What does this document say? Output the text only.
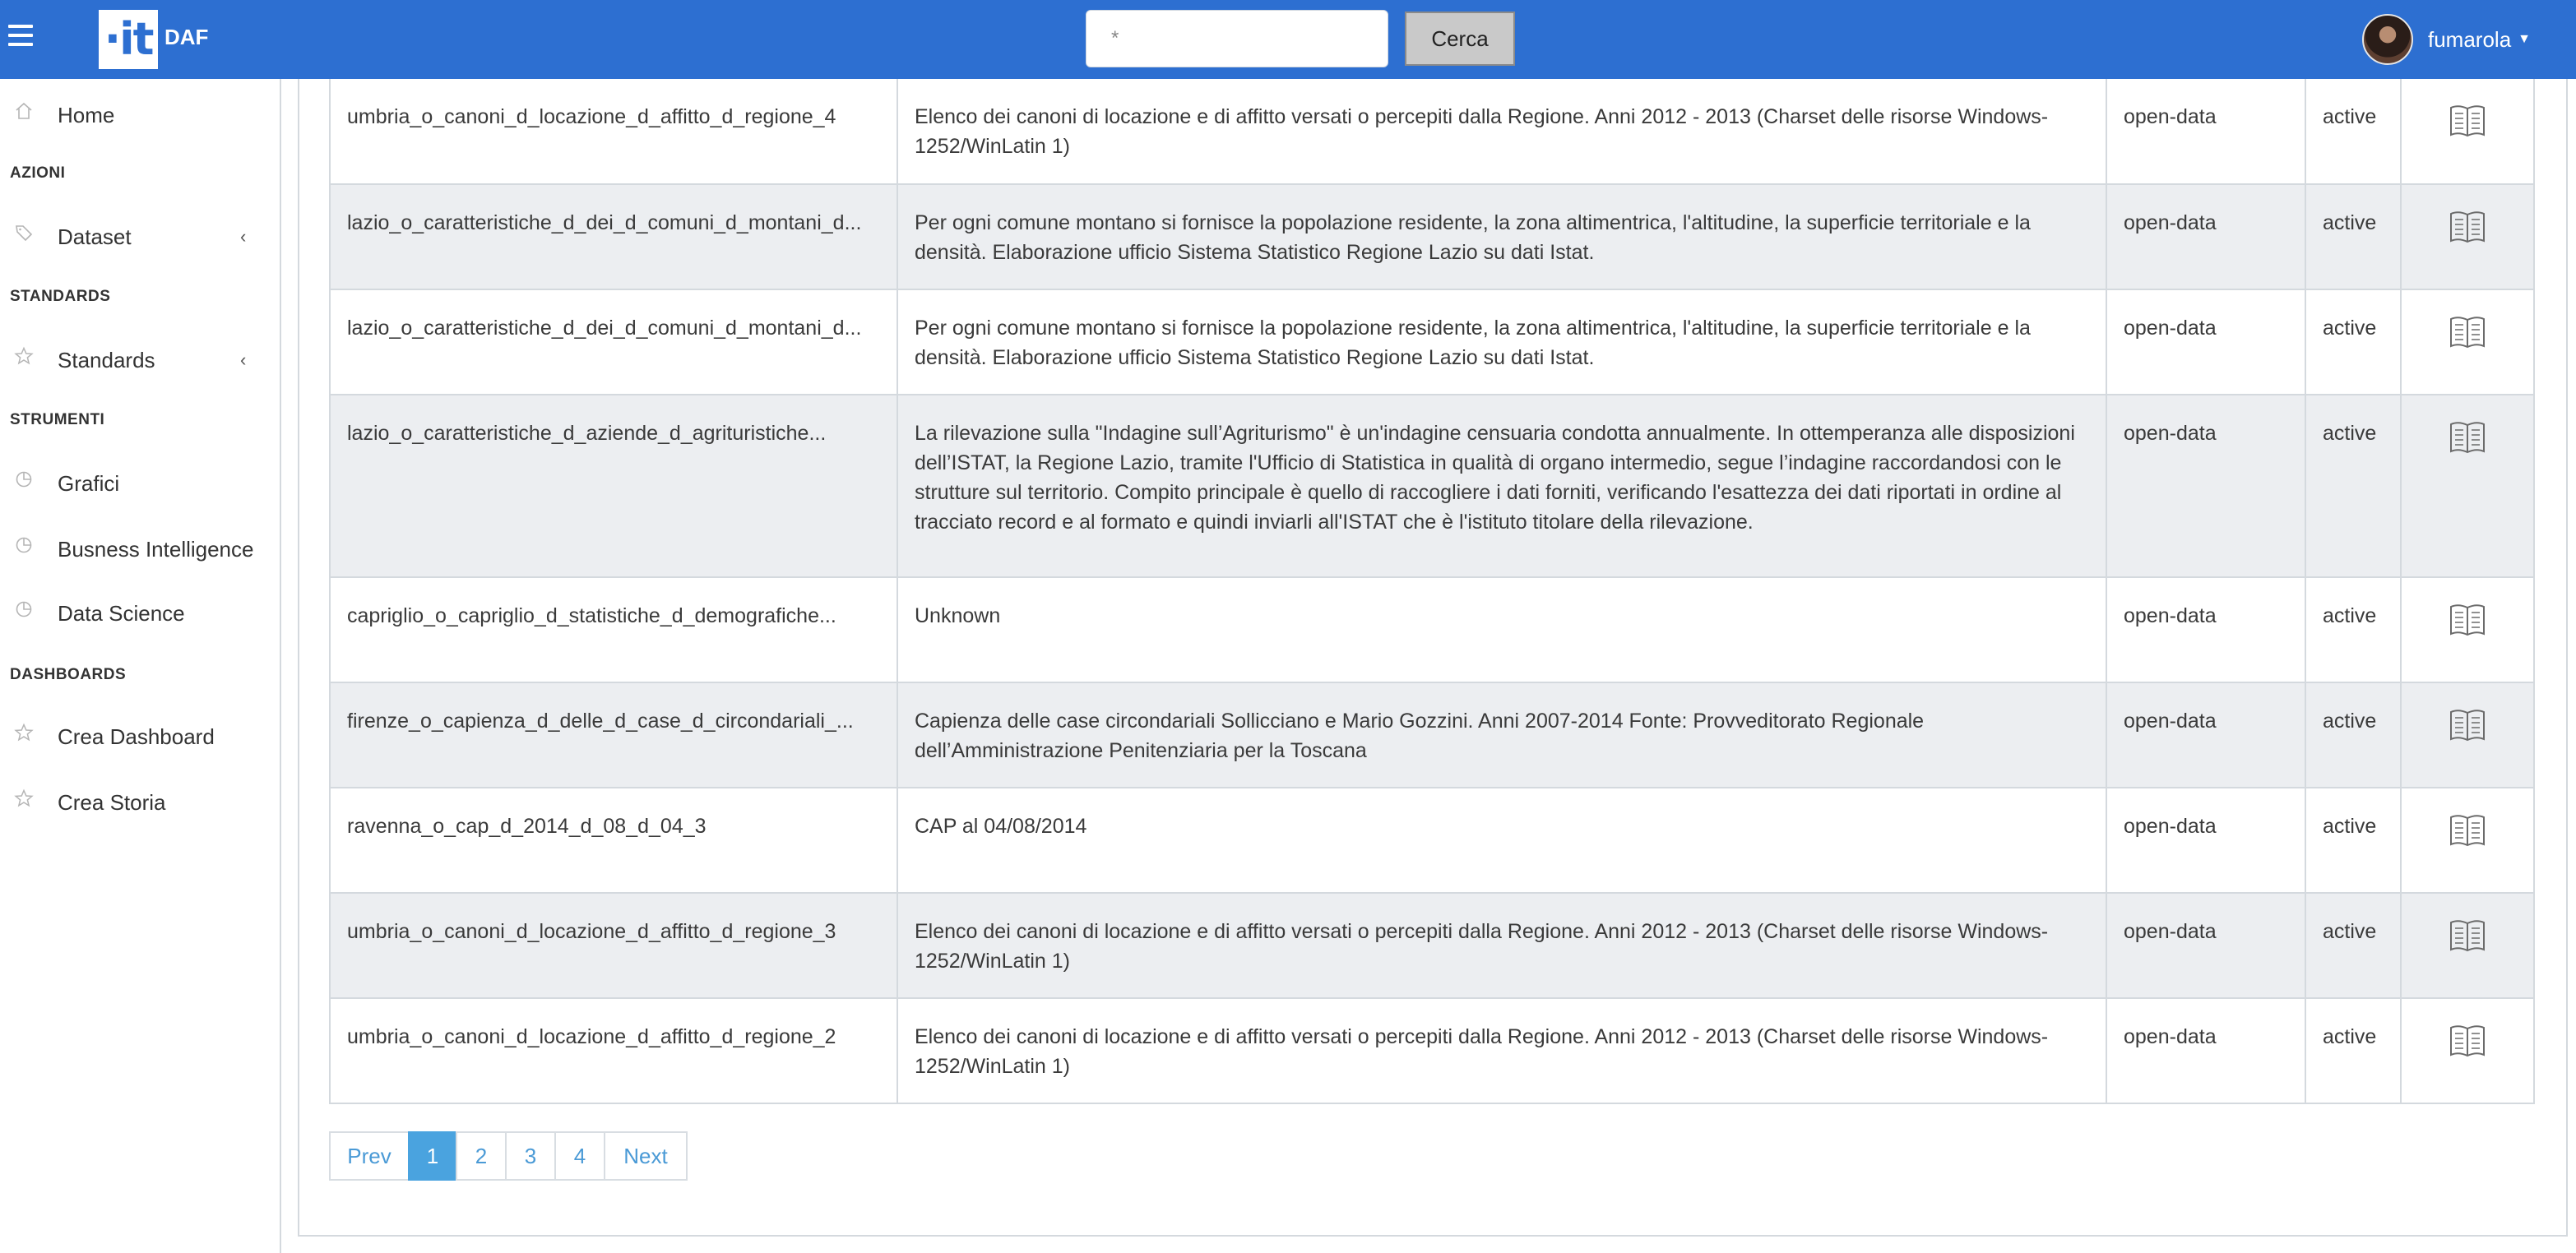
·it DAF
*	Cerca	fumarola ▼
Home
AZIONI
Dataset	‹
STANDARDS
Standards	‹
STRUMENTI
Grafici
Busness Intelligence
Data Science
DASHBOARDS
Crea Dashboard
Crea Storia
umbria_o_canoni_d_locazione_d_affitto_d_regione_4	Elenco dei canoni di locazione e di affitto versati o percepiti dalla Regione. Anni 2012 - 2013 (Charset delle risorse Windows-1252/WinLatin 1)	open-data	active	
lazio_o_caratteristiche_d_dei_d_comuni_d_montani_d...	Per ogni comune montano si fornisce la popolazione residente, la zona altimentrica, l'altitudine, la superficie territoriale e la densità. Elaborazione ufficio Sistema Statistico Regione Lazio su dati Istat.	open-data	active	
lazio_o_caratteristiche_d_dei_d_comuni_d_montani_d...	Per ogni comune montano si fornisce la popolazione residente, la zona altimentrica, l'altitudine, la superficie territoriale e la densità. Elaborazione ufficio Sistema Statistico Regione Lazio su dati Istat.	open-data	active	
lazio_o_caratteristiche_d_aziende_d_agrituristiche...	La rilevazione sulla "Indagine sull’Agriturismo" è un'indagine censuaria condotta annualmente. In ottemperanza alle disposizioni dell’ISTAT, la Regione Lazio, tramite l'Ufficio di Statistica in qualità di organo intermedio, segue l’indagine raccordandosi con le strutture sul territorio. Compito principale è quello di raccogliere i dati forniti, verificando l'esattezza dei dati riportati in ordine al tracciato record e al formato e quindi inviarli all'ISTAT che è l'istituto titolare della rilevazione.	open-data	active	
capriglio_o_capriglio_d_statistiche_d_demografiche...	Unknown	open-data	active	
firenze_o_capienza_d_delle_d_case_d_circondariali_...	Capienza delle case circondariali Sollicciano e Mario Gozzini. Anni 2007-2014 Fonte: Provveditorato Regionale dell’Amministrazione Penitenziaria per la Toscana	open-data	active	
ravenna_o_cap_d_2014_d_08_d_04_3	CAP al 04/08/2014	open-data	active	
umbria_o_canoni_d_locazione_d_affitto_d_regione_3	Elenco dei canoni di locazione e di affitto versati o percepiti dalla Regione. Anni 2012 - 2013 (Charset delle risorse Windows-1252/WinLatin 1)	open-data	active	
umbria_o_canoni_d_locazione_d_affitto_d_regione_2	Elenco dei canoni di locazione e di affitto versati o percepiti dalla Regione. Anni 2012 - 2013 (Charset delle risorse Windows-1252/WinLatin 1)	open-data	active	
Prev	1	2	3	4	Next
